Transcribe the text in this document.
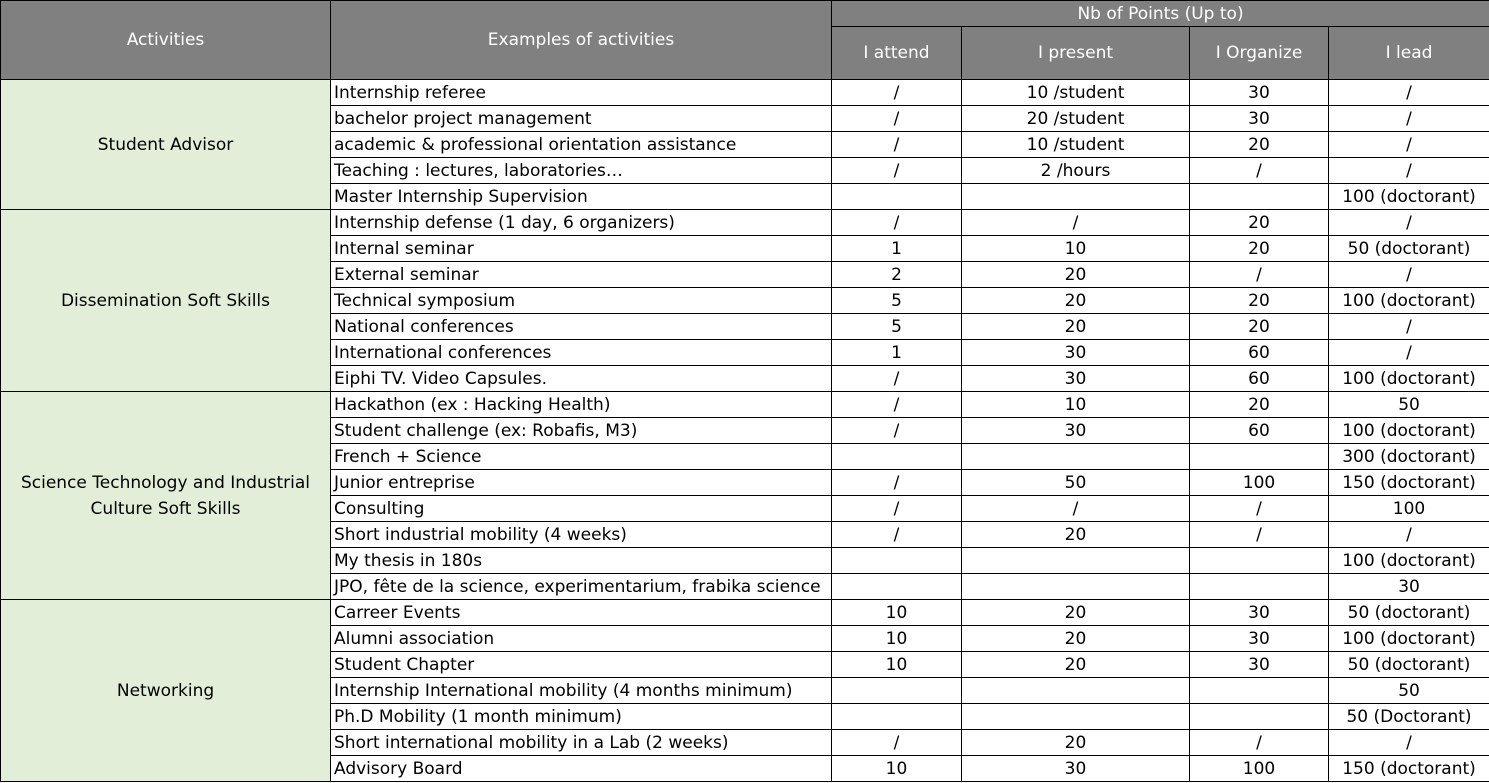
Activities	Examples of activities	Nb of Points (Up to)			
		I attend	I present	I Organize	I lead
Student Advisor	Internship referee	/	10 /student	30	/
	bachelor project management	/	20 /student	30	/
	academic & professional orientation assistance	/	10 /student	20	/
	Teaching : lectures, laboratories…	/	2 /hours	/	/
	Master Internship Supervision				100 (doctorant)
Dissemination Soft Skills	Internship defense (1 day, 6 organizers)	/	/	20	/
	Internal seminar	1	10	20	50 (doctorant)
	External seminar	2	20	/	/
	Technical symposium	5	20	20	100 (doctorant)
	National conferences	5	20	20	/
	International conferences	1	30	60	/
	Eiphi TV. Video Capsules.	/	30	60	100 (doctorant)
Science Technology and Industrial Culture Soft Skills	Hackathon (ex : Hacking Health)	/	10	20	50
	Student challenge (ex: Robafis, M3)	/	30	60	100 (doctorant)
	French + Science				300 (doctorant)
	Junior entreprise	/	50	100	150 (doctorant)
	Consulting	/	/	/	100
	Short industrial mobility (4 weeks)	/	20	/	/
	My thesis in 180s				100 (doctorant)
	JPO, fête de la science, experimentarium, frabika science				30
Networking	Carreer Events	10	20	30	50 (doctorant)
	Alumni association	10	20	30	100 (doctorant)
	Student Chapter	10	20	30	50 (doctorant)
	Internship International mobility (4 months minimum)				50
	Ph.D Mobility (1 month minimum)				50 (Doctorant)
	Short international mobility in a Lab (2 weeks)	/	20	/	/
	Advisory Board	10	30	100	150 (doctorant)
